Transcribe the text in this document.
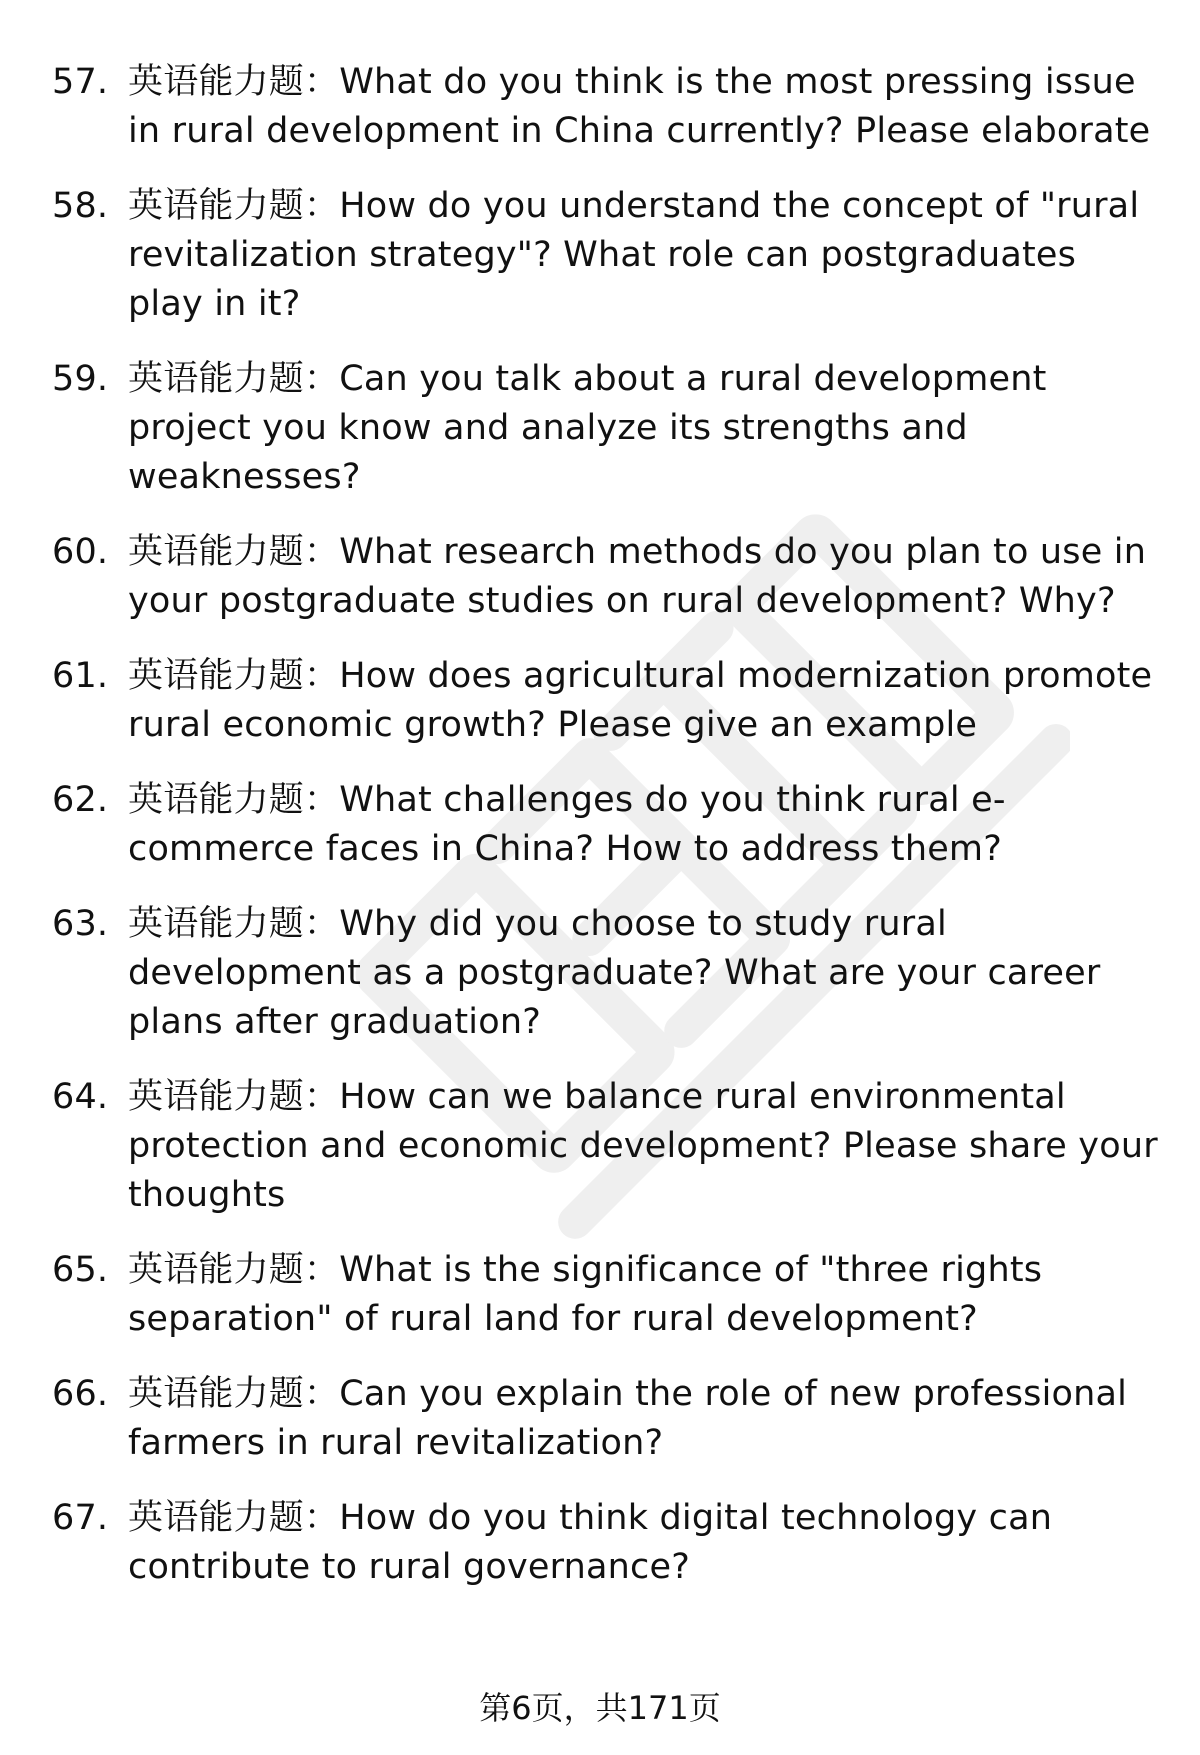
57. 英语能力题：What do you think is the most pressing issue in rural development in China currently? Please elaborate
58. 英语能力题：How do you understand the concept of "rural revitalization strategy"? What role can postgraduates play in it?
59. 英语能力题：Can you talk about a rural development project you know and analyze its strengths and weaknesses?
60. 英语能力题：What research methods do you plan to use in your postgraduate studies on rural development? Why?
61. 英语能力题：How does agricultural modernization promote rural economic growth? Please give an example
62. 英语能力题：What challenges do you think rural e-commerce faces in China? How to address them?
63. 英语能力题：Why did you choose to study rural development as a postgraduate? What are your career plans after graduation?
64. 英语能力题：How can we balance rural environmental protection and economic development? Please share your thoughts
65. 英语能力题：What is the significance of "three rights separation" of rural land for rural development?
66. 英语能力题：Can you explain the role of new professional farmers in rural revitalization?
67. 英语能力题：How do you think digital technology can contribute to rural governance?
第6页，共171页
